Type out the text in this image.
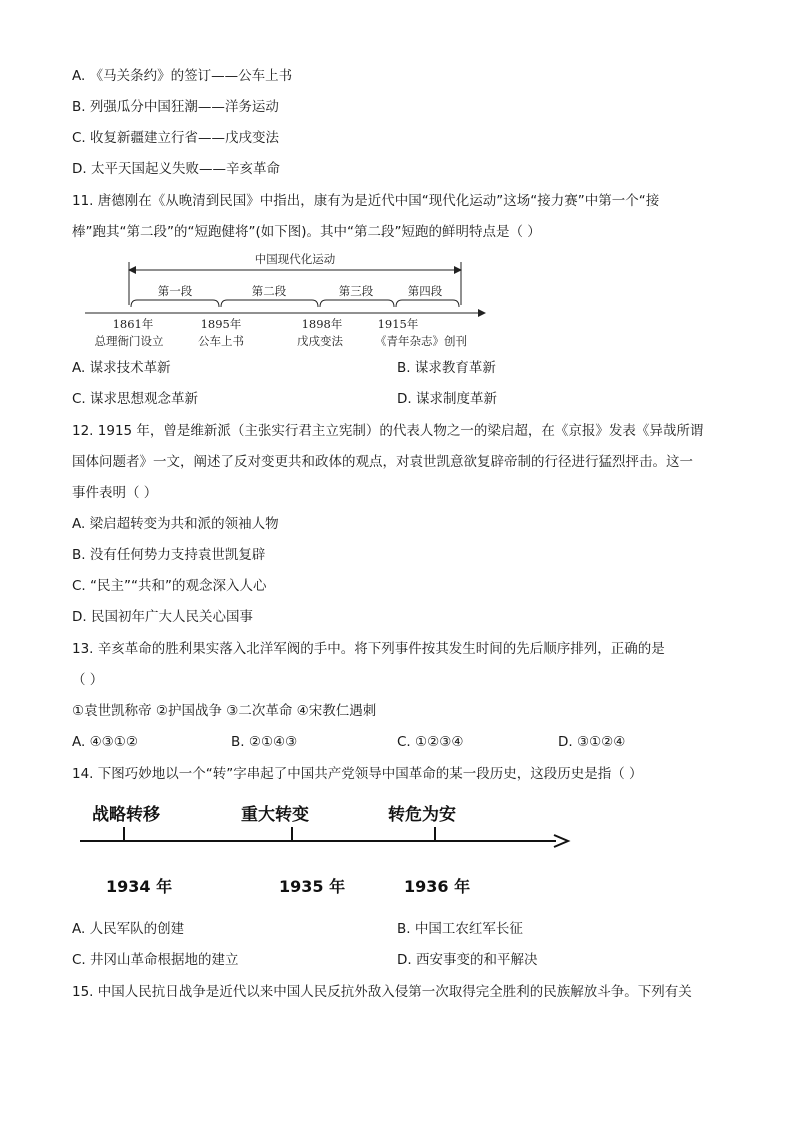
A. 《马关条约》的签订——公车上书
B. 列强瓜分中国狂潮——洋务运动
C. 收复新疆建立行省——戊戌变法
D. 太平天国起义失败——辛亥革命
11. 唐德刚在《从晚清到民国》中指出，康有为是近代中国“现代化运动”这场“接力赛”中第一个“接
棒”跑其“第二段”的“短跑健将”(如下图)。其中“第二段”短跑的鲜明特点是（ ）
中国现代化运动
第一段	第二段	第三段	第四段
1861年	1895年	1898年	1915年
总理衙门设立	公车上书	戊戌变法	《青年杂志》创刊
A. 谋求技术革新	B. 谋求教育革新
C. 谋求思想观念革新	D. 谋求制度革新
12. 1915 年，曾是维新派（主张实行君主立宪制）的代表人物之一的梁启超，在《京报》发表《异哉所谓
国体问题者》一文，阐述了反对变更共和政体的观点，对袁世凯意欲复辟帝制的行径进行猛烈抨击。这一
事件表明（ ）
A. 梁启超转变为共和派的领袖人物
B. 没有任何势力支持袁世凯复辟
C. “民主”“共和”的观念深入人心
D. 民国初年广大人民关心国事
13. 辛亥革命的胜利果实落入北洋军阀的手中。将下列事件按其发生时间的先后顺序排列，正确的是
（ ）
①袁世凯称帝 ②护国战争 ③二次革命 ④宋教仁遇刺
A. ④③①②	B. ②①④③	C. ①②③④	D. ③①②④
14. 下图巧妙地以一个“转”字串起了中国共产党领导中国革命的某一段历史，这段历史是指（ ）
战略转移	重大转变	转危为安
1934 年	1935 年	1936 年
A. 人民军队的创建	B. 中国工农红军长征
C. 井冈山革命根据地的建立	D. 西安事变的和平解决
15. 中国人民抗日战争是近代以来中国人民反抗外敌入侵第一次取得完全胜利的民族解放斗争。下列有关
